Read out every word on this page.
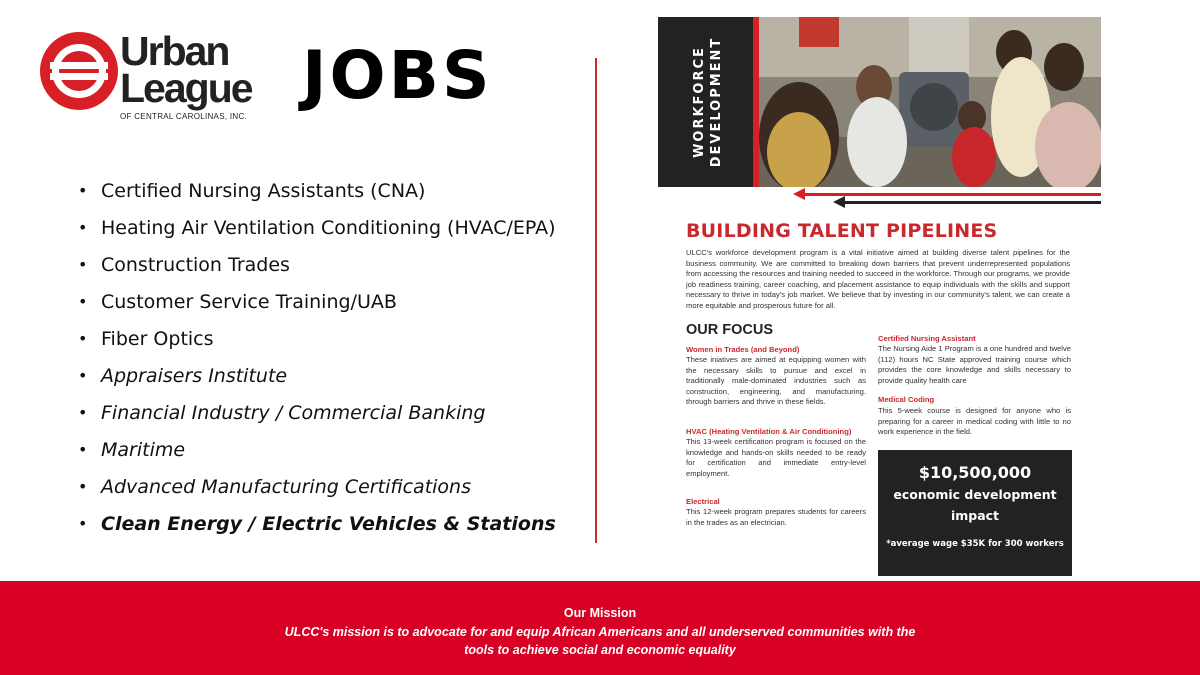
Urban
League
OF CENTRAL CAROLINAS, INC.
JOBS
• Certified Nursing Assistants (CNA)
• Heating Air Ventilation Conditioning (HVAC/EPA)
• Construction Trades
• Customer Service Training/UAB
• Fiber Optics
• Appraisers Institute
• Financial Industry / Commercial Banking
• Maritime
• Advanced Manufacturing Certifications
• Clean Energy / Electric Vehicles & Stations
WORKFORCE DEVELOPMENT
BUILDING TALENT PIPELINES
ULCC's workforce development program is a vital initiative aimed at building diverse talent pipelines for the business community. We are committed to breaking down barriers that prevent underrepresented populations from accessing the resources and training needed to succeed in the workforce. Through our programs, we provide job readiness training, career coaching, and placement assistance to equip individuals with the skills and support necessary to thrive in today's job market. We believe that by investing in our community's talent, we can create a more equitable and prosperous future for all.
OUR FOCUS
Women in Trades (and Beyond)
These iniatives are aimed at equipping women with the necessary skills to pursue and excel in traditionally male-dominated industries such as construction, engineering, and manufacturing. through barriers and thrive in these fields.
HVAC (Heating Ventilation & Air Conditioning)
This 13-week certification program is focused on the knowledge and hands-on skills needed to be ready for certification and immediate entry-level employment.
Electrical
This 12-week program prepares students for careers in the trades as an electrician.
Certified Nursing Assistant
The Nursing Aide 1 Program is a one hundred and twelve (112) hours NC State approved training course which provides the core knowledge and skills necessary to provide quality health care
Medical Coding
This 5-week course is designed for anyone who is preparing for a career in medical coding with little to no work experience in the field.
$10,500,000
economic development
impact
*average wage $35K for 300 workers
Our Mission
ULCC's mission is to advocate for and equip African Americans and all underserved communities with the tools to achieve social and economic equality
